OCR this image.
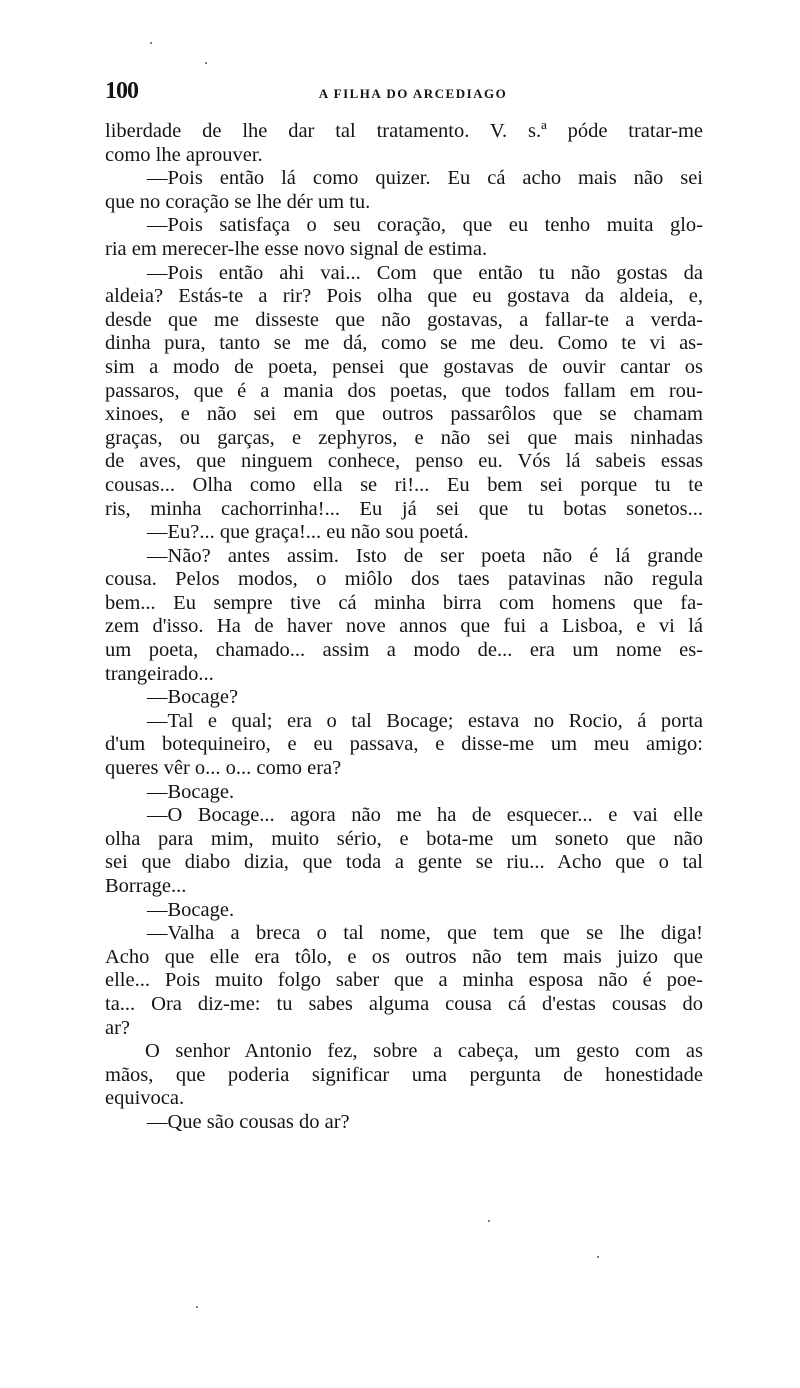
100	A FILHA DO ARCEDIAGO
liberdade de lhe dar tal tratamento. V. s.ª póde tratar-me
como lhe aprouver.
—Pois então lá como quizer. Eu cá acho mais não sei
que no coração se lhe dér um tu.
—Pois satisfaça o seu coração, que eu tenho muita glo-
ria em merecer-lhe esse novo signal de estima.
—Pois então ahi vai... Com que então tu não gostas da
aldeia? Estás-te a rir? Pois olha que eu gostava da aldeia, e,
desde que me disseste que não gostavas, a fallar-te a verda-
dinha pura, tanto se me dá, como se me deu. Como te vi as-
sim a modo de poeta, pensei que gostavas de ouvir cantar os
passaros, que é a mania dos poetas, que todos fallam em rou-
xinoes, e não sei em que outros passarôlos que se chamam
graças, ou garças, e zephyros, e não sei que mais ninhadas
de aves, que ninguem conhece, penso eu. Vós lá sabeis essas
cousas... Olha como ella se ri!... Eu bem sei porque tu te
ris, minha cachorrinha!... Eu já sei que tu botas sonetos...
—Eu?... que graça!... eu não sou poetá.
—Não? antes assim. Isto de ser poeta não é lá grande
cousa. Pelos modos, o miôlo dos taes patavinas não regula
bem... Eu sempre tive cá minha birra com homens que fa-
zem d'isso. Ha de haver nove annos que fui a Lisboa, e vi lá
um poeta, chamado... assim a modo de... era um nome es-
trangeirado...
—Bocage?
—Tal e qual; era o tal Bocage; estava no Rocio, á porta
d'um botequineiro, e eu passava, e disse-me um meu amigo:
queres vêr o... o... como era?
—Bocage.
—O Bocage... agora não me ha de esquecer... e vai elle
olha para mim, muito sério, e bota-me um soneto que não
sei que diabo dizia, que toda a gente se riu... Acho que o tal
Borrage...
—Bocage.
—Valha a breca o tal nome, que tem que se lhe diga!
Acho que elle era tôlo, e os outros não tem mais juizo que
elle... Pois muito folgo saber que a minha esposa não é poe-
ta... Ora diz-me: tu sabes alguma cousa cá d'estas cousas do
ar?
O senhor Antonio fez, sobre a cabeça, um gesto com as
mãos, que poderia significar uma pergunta de honestidade
equivoca.
—Que são cousas do ar?
